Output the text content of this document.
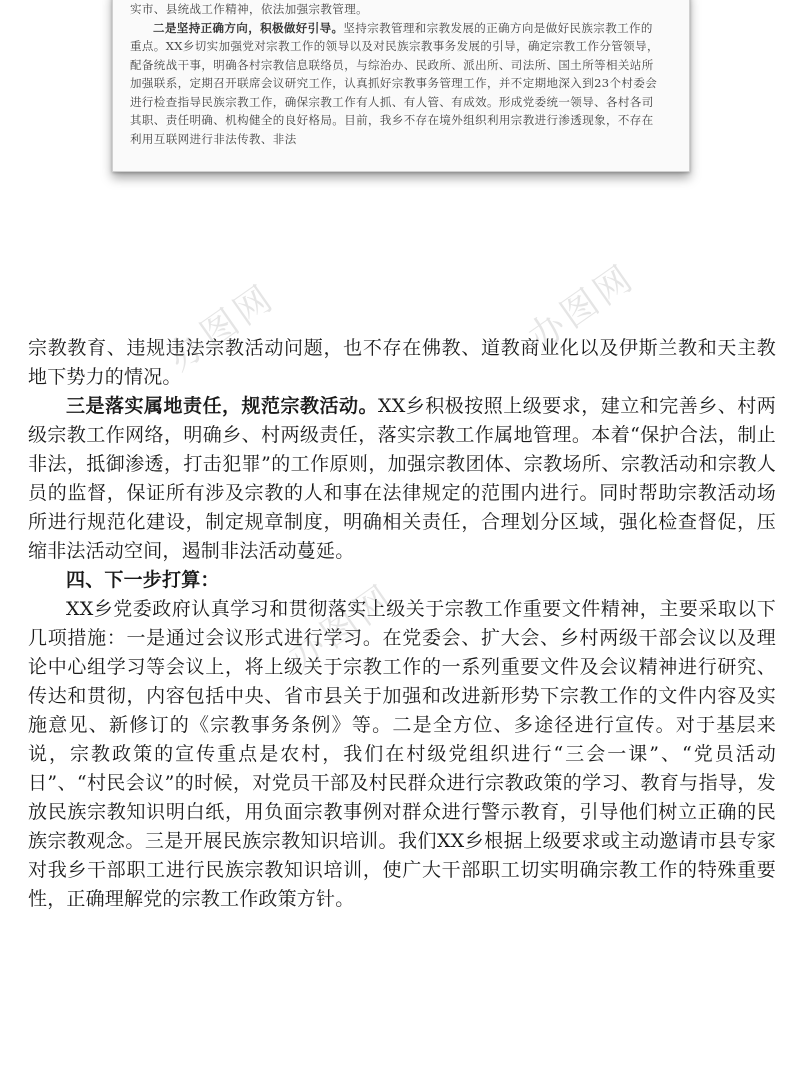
实市、县统战工作精神，依法加强宗教管理。

二是坚持正确方向，积极做好引导。坚持宗教管理和宗教发展的正确方向是做好民族宗教工作的重点。XX乡切实加强党对宗教工作的领导以及对民族宗教事务发展的引导，确定宗教工作分管领导，配备统战干事，明确各村宗教信息联络员，与综治办、民政所、派出所、司法所、国土所等相关站所加强联系，定期召开联席会议研究工作，认真抓好宗教事务管理工作，并不定期地深入到23个村委会进行检查指导民族宗教工作，确保宗教工作有人抓、有人管、有成效。形成党委统一领导、各村各司其职、责任明确、机构健全的良好格局。目前，我乡不存在境外组织利用宗教进行渗透现象，不存在利用互联网进行非法传教、非法

办图网	办图网
办图网

宗教教育、违规违法宗教活动问题，也不存在佛教、道教商业化以及伊斯兰教和天主教地下势力的情况。

三是落实属地责任，规范宗教活动。XX乡积极按照上级要求，建立和完善乡、村两级宗教工作网络，明确乡、村两级责任，落实宗教工作属地管理。本着“保护合法，制止非法，抵御渗透，打击犯罪”的工作原则，加强宗教团体、宗教场所、宗教活动和宗教人员的监督，保证所有涉及宗教的人和事在法律规定的范围内进行。同时帮助宗教活动场所进行规范化建设，制定规章制度，明确相关责任，合理划分区域，强化检查督促，压缩非法活动空间，遏制非法活动蔓延。

四、下一步打算：

XX乡党委政府认真学习和贯彻落实上级关于宗教工作重要文件精神，主要采取以下几项措施：一是通过会议形式进行学习。在党委会、扩大会、乡村两级干部会议以及理论中心组学习等会议上，将上级关于宗教工作的一系列重要文件及会议精神进行研究、传达和贯彻，内容包括中央、省市县关于加强和改进新形势下宗教工作的文件内容及实施意见、新修订的《宗教事务条例》等。二是全方位、多途径进行宣传。对于基层来说，宗教政策的宣传重点是农村，我们在村级党组织进行“三会一课”、“党员活动日”、“村民会议”的时候，对党员干部及村民群众进行宗教政策的学习、教育与指导，发放民族宗教知识明白纸，用负面宗教事例对群众进行警示教育，引导他们树立正确的民族宗教观念。三是开展民族宗教知识培训。我们XX乡根据上级要求或主动邀请市县专家对我乡干部职工进行民族宗教知识培训，使广大干部职工切实明确宗教工作的特殊重要性，正确理解党的宗教工作政策方针。
